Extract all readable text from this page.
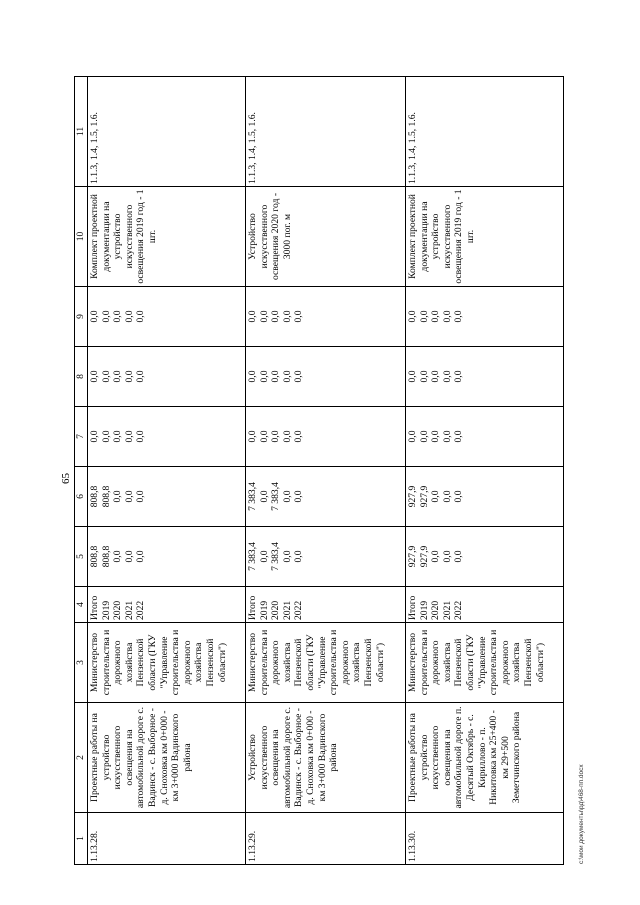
65
1	2	3	4	5	6	7	8	9	10	11
1.13.28.	Проектные работы на устройство искусственного освещения на автомобильной дороге с. Вадинск - с. Выборное - д. Сноховка км 0+000 - км 3+000 Вадинского района	Министерство строительства и дорожного хозяйства Пензенской области (ГКУ "Управление строительства и дорожного хозяйства Пензенской области")	Итого 2019 2020 2021 2022	808,8 808,8 0,0 0,0 0,0	808,8 808,8 0,0 0,0 0,0	0,0 0,0 0,0 0,0 0,0	0,0 0,0 0,0 0,0 0,0	0,0 0,0 0,0 0,0 0,0	Комплект проектной документации на устройство искусственного освещения 2019 год - 1 шт.	1.1.3, 1.4, 1.5, 1.6.
1.13.29.	Устройство искусственного освещения на автомобильной дороге с. Вадинск - с. Выборное - д. Сноховка км 0+000 - км 3+000 Вадинского района	Министерство строительства и дорожного хозяйства Пензенской области (ГКУ "Управление строительства и дорожного хозяйства Пензенской области")	Итого 2019 2020 2021 2022	7 383,4 0,0 7 383,4 0,0 0,0	7 383,4 0,0 7 383,4 0,0 0,0	0,0 0,0 0,0 0,0 0,0	0,0 0,0 0,0 0,0 0,0	0,0 0,0 0,0 0,0 0,0	Устройство искусственного освещения 2020 год - 3000 пог. м	1.1.3, 1.4, 1.5, 1.6.
1.13.30.	Проектные работы на устройство искусственного освещения на автомобильной дороге п. Десятый Октябрь - с. Кириллово - п. Никитовка км 25+400 - км 29+500 Земетчинского района	Министерство строительства и дорожного хозяйства Пензенской области (ГКУ "Управление строительства и дорожного хозяйства Пензенской области")	Итого 2019 2020 2021 2022	927,9 927,9 0,0 0,0 0,0	927,9 927,9 0,0 0,0 0,0	0,0 0,0 0,0 0,0 0,0	0,0 0,0 0,0 0,0 0,0	0,0 0,0 0,0 0,0 0,0	Комплект проектной документации на устройство искусственного освещения 2019 год - 1 шт.	1.1.3, 1.4, 1.5, 1.6.
c:\мои документы\рд\468-пп.docx
